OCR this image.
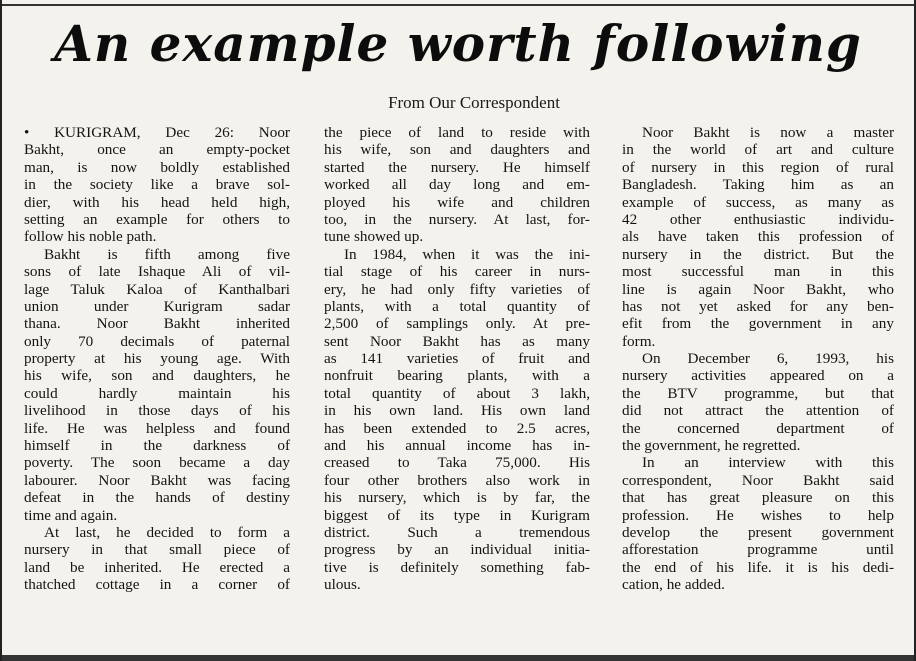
An example worth following
From Our Correspondent
• KURIGRAM, Dec 26: Noor
Bakht, once an empty-pocket
man, is now boldly established
in the society like a brave sol-
dier, with his head held high,
setting an example for others to
follow his noble path.
Bakht is fifth among five
sons of late Ishaque Ali of vil-
lage Taluk Kaloa of Kanthalbari
union under Kurigram sadar
thana. Noor Bakht inherited
only 70 decimals of paternal
property at his young age. With
his wife, son and daughters, he
could hardly maintain his
livelihood in those days of his
life. He was helpless and found
himself in the darkness of
poverty. The soon became a day
labourer. Noor Bakht was facing
defeat in the hands of destiny
time and again.
At last, he decided to form a
nursery in that small piece of
land be inherited. He erected a
thatched cottage in a corner of
the piece of land to reside with
his wife, son and daughters and
started the nursery. He himself
worked all day long and em-
ployed his wife and children
too, in the nursery. At last, for-
tune showed up.
In 1984, when it was the ini-
tial stage of his career in nurs-
ery, he had only fifty varieties of
plants, with a total quantity of
2,500 of samplings only. At pre-
sent Noor Bakht has as many
as 141 varieties of fruit and
nonfruit bearing plants, with a
total quantity of about 3 lakh,
in his own land. His own land
has been extended to 2.5 acres,
and his annual income has in-
creased to Taka 75,000. His
four other brothers also work in
his nursery, which is by far, the
biggest of its type in Kurigram
district. Such a tremendous
progress by an individual initia-
tive is definitely something fab-
ulous.
Noor Bakht is now a master
in the world of art and culture
of nursery in this region of rural
Bangladesh. Taking him as an
example of success, as many as
42 other enthusiastic individu-
als have taken this profession of
nursery in the district. But the
most successful man in this
line is again Noor Bakht, who
has not yet asked for any ben-
efit from the government in any
form.
On December 6, 1993, his
nursery activities appeared on a
the BTV programme, but that
did not attract the attention of
the concerned department of
the government, he regretted.
In an interview with this
correspondent, Noor Bakht said
that has great pleasure on this
profession. He wishes to help
develop the present government
afforestation programme until
the end of his life. it is his dedi-
cation, he added.
